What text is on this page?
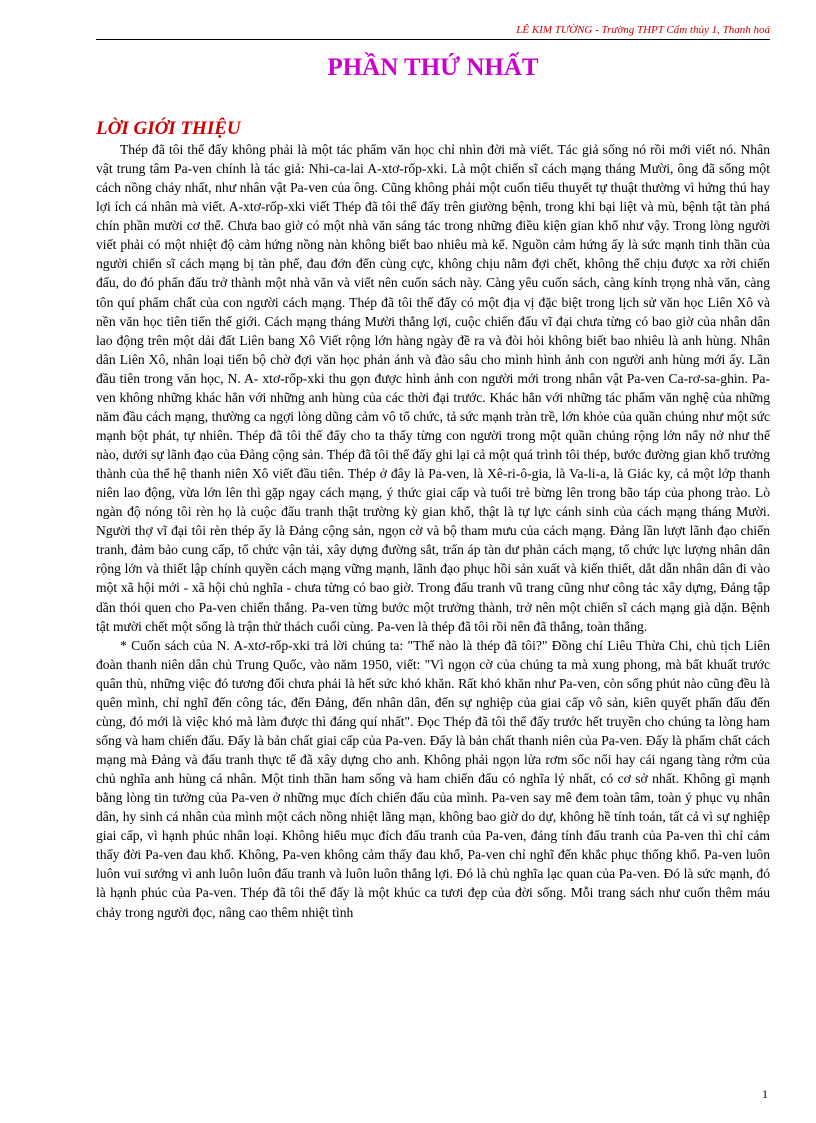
LÊ KIM TƯỜNG - Trường THPT Cẩm thủy 1, Thanh hoá
PHẦN THỨ NHẤT
LỜI GIỚI THIỆU

Thép đã tôi thế đấy không phải là một tác phẩm văn học chỉ nhìn đời mà viết. Tác giả sống nó rồi mới viết nó. Nhân vật trung tâm Pa-ven chính là tác giả: Nhi-ca-lai A-xtơ-rốp-xki. Là một chiến sĩ cách mạng tháng Mười, ông đã sống một cách nồng cháy nhất, như nhân vật Pa-ven của ông. Cũng không phải một cuốn tiểu thuyết tự thuật thường vì hứng thú hay lợi ích cá nhân mà viết. A-xtơ-rốp-xki viết Thép đã tôi thế đấy trên giường bệnh, trong khi bại liệt và mù, bệnh tật tàn phá chín phần mười cơ thể. Chưa bao giờ có một nhà văn sáng tác trong những điều kiện gian khổ như vậy. Trong lòng người viết phải có một nhiệt độ cảm hứng nồng nàn không biết bao nhiêu mà kể. Nguồn cảm hứng ấy là sức mạnh tinh thần của người chiến sĩ cách mạng bị tàn phế, đau đớn đến cùng cực, không chịu nằm đợi chết, không thể chịu được xa rời chiến đấu, do đó phấn đấu trở thành một nhà văn và viết nên cuốn sách này. Càng yêu cuốn sách, càng kính trọng nhà văn, càng tôn quí phẩm chất của con người cách mạng. Thép đã tôi thế đấy có một địa vị đặc biệt trong lịch sử văn học Liên Xô và nền văn học tiên tiến thế giới. Cách mạng tháng Mười thắng lợi, cuộc chiến đấu vĩ đại chưa từng có bao giờ của nhân dân lao động trên một dải đất Liên bang Xô Viết rộng lớn hàng ngày đề ra và đòi hỏi không biết bao nhiêu là anh hùng. Nhân dân Liên Xô, nhân loại tiến bộ chờ đợi văn học phản ánh và đào sâu cho mình hình ảnh con người anh hùng mới ấy. Lần đầu tiên trong văn học, N. A- xtơ-rốp-xki thu gọn được hình ảnh con người mới trong nhân vật Pa-ven Ca-rơ-sa-ghin. Pa-ven không những khác hẳn với những anh hùng của các thời đại trước. Khác hẳn với những tác phẩm văn nghệ của những năm đầu cách mạng, thường ca ngợi lòng dũng cảm vô tổ chức, tả sức mạnh tràn trề, lớn khỏe của quần chúng như một sức mạnh bột phát, tự nhiên. Thép đã tôi thế đấy cho ta thấy từng con người trong một quần chúng rộng lớn nẩy nở như thế nào, dưới sự lãnh đạo của Đảng cộng sản. Thép đã tôi thế đấy ghi lại cả một quá trình tôi thép, bước đường gian khổ trưởng thành của thế hệ thanh niên Xô viết đầu tiên. Thép ở đây là Pa-ven, là Xê-ri-ô-gia, là Va-li-a, là Giác ky, cả một lớp thanh niên lao động, vừa lớn lên thì gặp ngay cách mạng, ý thức giai cấp và tuổi trẻ bừng lên trong bão táp của phong trào. Lò ngàn độ nóng tôi rèn họ là cuộc đấu tranh thật trường kỳ gian khổ, thật là tự lực cánh sinh của cách mạng tháng Mười. Người thợ vĩ đại tôi rèn thép ấy là Đảng cộng sản, ngọn cờ và bộ tham mưu của cách mạng. Đảng lần lượt lãnh đạo chiến tranh, đảm bảo cung cấp, tổ chức vận tải, xây dựng đường sắt, trấn áp tàn dư phản cách mạng, tổ chức lực lượng nhân dân rộng lớn và thiết lập chính quyền cách mạng vững mạnh, lãnh đạo phục hồi sản xuất và kiến thiết, dắt dẫn nhân dân đi vào một xã hội mới - xã hội chủ nghĩa - chưa từng có bao giờ. Trong đấu tranh vũ trang cũng như công tác xây dựng, Đảng tập dần thói quen cho Pa-ven chiến thắng. Pa-ven từng bước một trưởng thành, trở nên một chiến sĩ cách mạng già dặn. Bệnh tật mười chết một sống là trận thử thách cuối cùng. Pa-ven là thép đã tôi rồi nên đã thắng, toàn thắng.

* Cuốn sách của N. A-xtơ-rốp-xki trả lời chúng ta: "Thế nào là thép đã tôi?" Đồng chí Liêu Thừa Chi, chủ tịch Liên đoàn thanh niên dân chủ Trung Quốc, vào năm 1950, viết: "Vì ngọn cờ của chúng ta mà xung phong, mà bất khuất trước quân thù, những việc đó tương đối chưa phải là hết sức khó khăn. Rất khó khăn như Pa-ven, còn sống phút nào cũng đều là quên mình, chỉ nghĩ đến công tác, đến Đảng, đến nhân dân, đến sự nghiệp của giai cấp vô sản, kiên quyết phấn đấu đến cùng, đó mới là việc khó mà làm được thì đáng quí nhất". Đọc Thép đã tôi thế đấy trước hết truyền cho chúng ta lòng ham sống và ham chiến đấu. Đấy là bản chất giai cấp của Pa-ven. Đấy là bản chất thanh niên của Pa-ven. Đấy là phẩm chất cách mạng mà Đảng và đấu tranh thực tế đã xây dựng cho anh. Không phải ngọn lửa rơm sốc nổi hay cái ngang tàng rởm của chủ nghĩa anh hùng cá nhân. Một tinh thần ham sống và ham chiến đấu có nghĩa lý nhất, có cơ sở nhất. Không gì mạnh bằng lòng tin tưởng của Pa-ven ở những mục đích chiến đấu của mình. Pa-ven say mê đem toàn tâm, toàn ý phục vụ nhân dân, hy sinh cá nhân của mình một cách nồng nhiệt lãng mạn, không bao giờ do dự, không hề tính toán, tất cả vì sự nghiệp giai cấp, vì hạnh phúc nhân loại. Không hiểu mục đích đấu tranh của Pa-ven, đảng tính đấu tranh của Pa-ven thì chỉ cảm thấy đời Pa-ven đau khổ. Không, Pa-ven không cảm thấy đau khổ, Pa-ven chỉ nghĩ đến khắc phục thống khổ. Pa-ven luôn luôn vui sướng vì anh luôn luôn đấu tranh và luôn luôn thắng lợi. Đó là chủ nghĩa lạc quan của Pa-ven. Đó là sức mạnh, đó là hạnh phúc của Pa-ven. Thép đã tôi thế đấy là một khúc ca tươi đẹp của đời sống. Mỗi trang sách như cuốn thêm máu chảy trong người đọc, nâng cao thêm nhiệt tình

1
